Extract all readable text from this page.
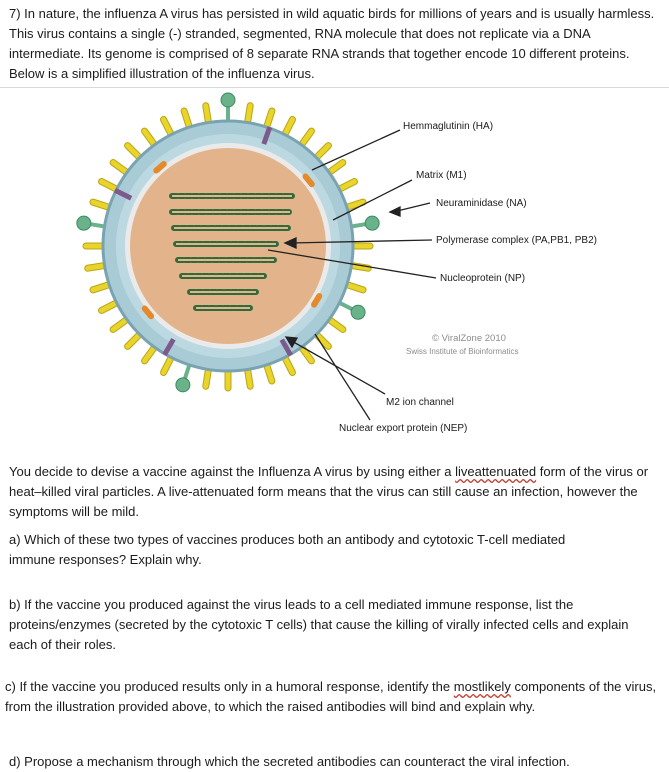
7) In nature, the influenza A virus has persisted in wild aquatic birds for millions of years and is usually harmless. This virus contains a single (-) stranded, segmented, RNA molecule that does not replicate via a DNA intermediate. Its genome is comprised of 8 separate RNA strands that together encode 10 different proteins. Below is a simplified illustration of the influenza virus.
Hemmaglutinin (HA)
Matrix (M1)
Neuraminidase (NA)
Polymerase complex (PA,PB1, PB2)
Nucleoprotein (NP)
© ViralZone 2010
Swiss Institute of Bioinformatics
M2 ion channel
Nuclear export protein (NEP)
You decide to devise a vaccine against the Influenza A virus by using either a liveattenuated form of the virus or heat–killed viral particles. A live-attenuated form means that the virus can still cause an infection, however the symptoms will be mild.
a) Which of these two types of vaccines produces both an antibody and cytotoxic T-cell mediated immune responses? Explain why.
b) If the vaccine you produced against the virus leads to a cell mediated immune response, list the proteins/enzymes (secreted by the cytotoxic T cells) that cause the killing of virally infected cells and explain each of their roles.
c) If the vaccine you produced results only in a humoral response, identify the mostlikely components of the virus, from the illustration provided above, to which the raised antibodies will bind and explain why.
d) Propose a mechanism through which the secreted antibodies can counteract the viral infection.
